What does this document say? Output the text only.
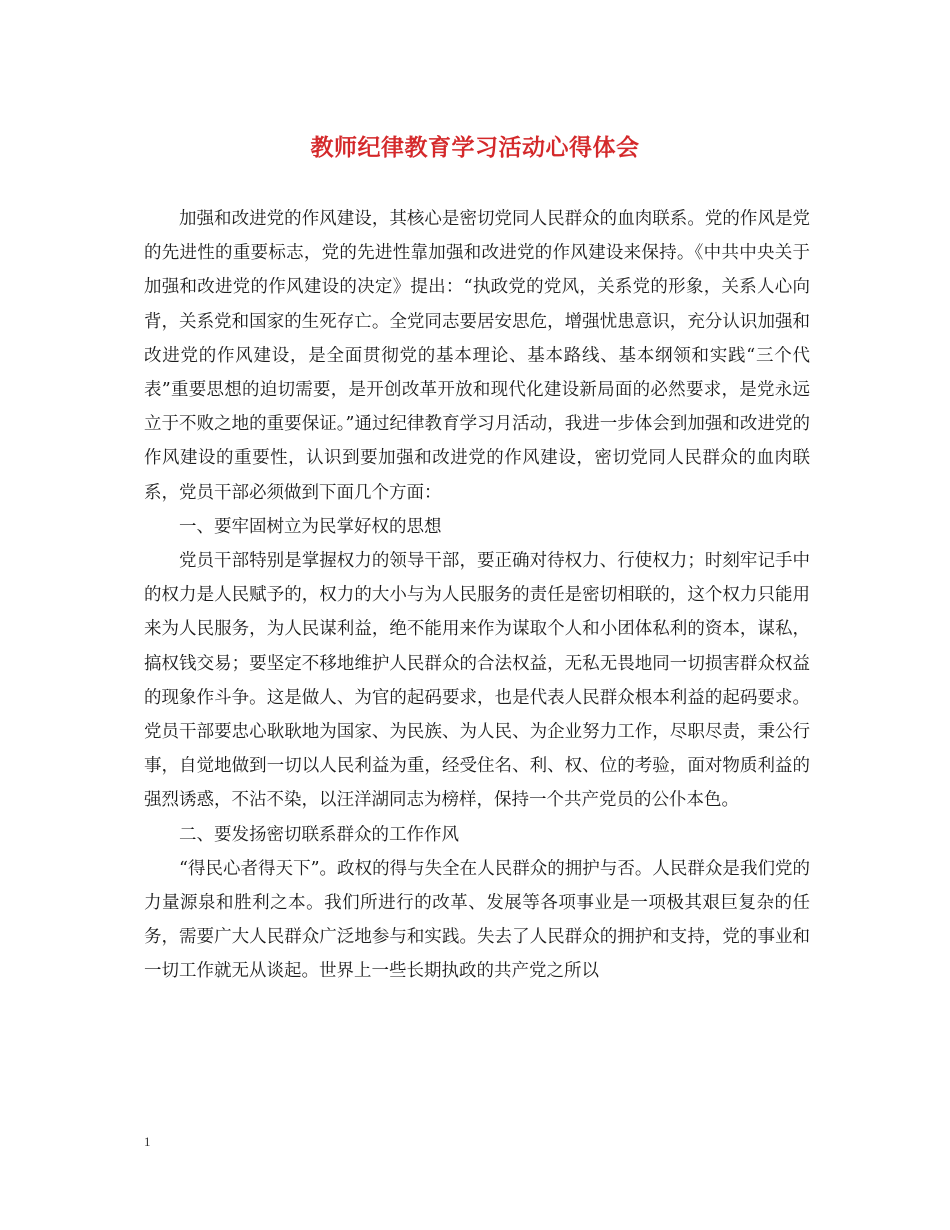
教师纪律教育学习活动心得体会

加强和改进党的作风建设，其核心是密切党同人民群众的血肉联系。党的作风是党的先进性的重要标志，党的先进性靠加强和改进党的作风建设来保持。《中共中央关于加强和改进党的作风建设的决定》提出：“执政党的党风，关系党的形象，关系人心向背，关系党和国家的生死存亡。全党同志要居安思危，增强忧患意识，充分认识加强和改进党的作风建设，是全面贯彻党的基本理论、基本路线、基本纲领和实践“三个代表”重要思想的迫切需要，是开创改革开放和现代化建设新局面的必然要求，是党永远立于不败之地的重要保证。”通过纪律教育学习月活动，我进一步体会到加强和改进党的作风建设的重要性，认识到要加强和改进党的作风建设，密切党同人民群众的血肉联系，党员干部必须做到下面几个方面：

一、要牢固树立为民掌好权的思想

党员干部特别是掌握权力的领导干部，要正确对待权力、行使权力；时刻牢记手中的权力是人民赋予的，权力的大小与为人民服务的责任是密切相联的，这个权力只能用来为人民服务，为人民谋利益，绝不能用来作为谋取个人和小团体私利的资本，谋私，搞权钱交易；要坚定不移地维护人民群众的合法权益，无私无畏地同一切损害群众权益的现象作斗争。这是做人、为官的起码要求，也是代表人民群众根本利益的起码要求。党员干部要忠心耿耿地为国家、为民族、为人民、为企业努力工作，尽职尽责，秉公行事，自觉地做到一切以人民利益为重，经受住名、利、权、位的考验，面对物质利益的强烈诱惑，不沾不染，以汪洋湖同志为榜样，保持一个共产党员的公仆本色。

二、要发扬密切联系群众的工作作风

“得民心者得天下”。政权的得与失全在人民群众的拥护与否。人民群众是我们党的力量源泉和胜利之本。我们所进行的改革、发展等各项事业是一项极其艰巨复杂的任务，需要广大人民群众广泛地参与和实践。失去了人民群众的拥护和支持，党的事业和一切工作就无从谈起。世界上一些长期执政的共产党之所以

1
